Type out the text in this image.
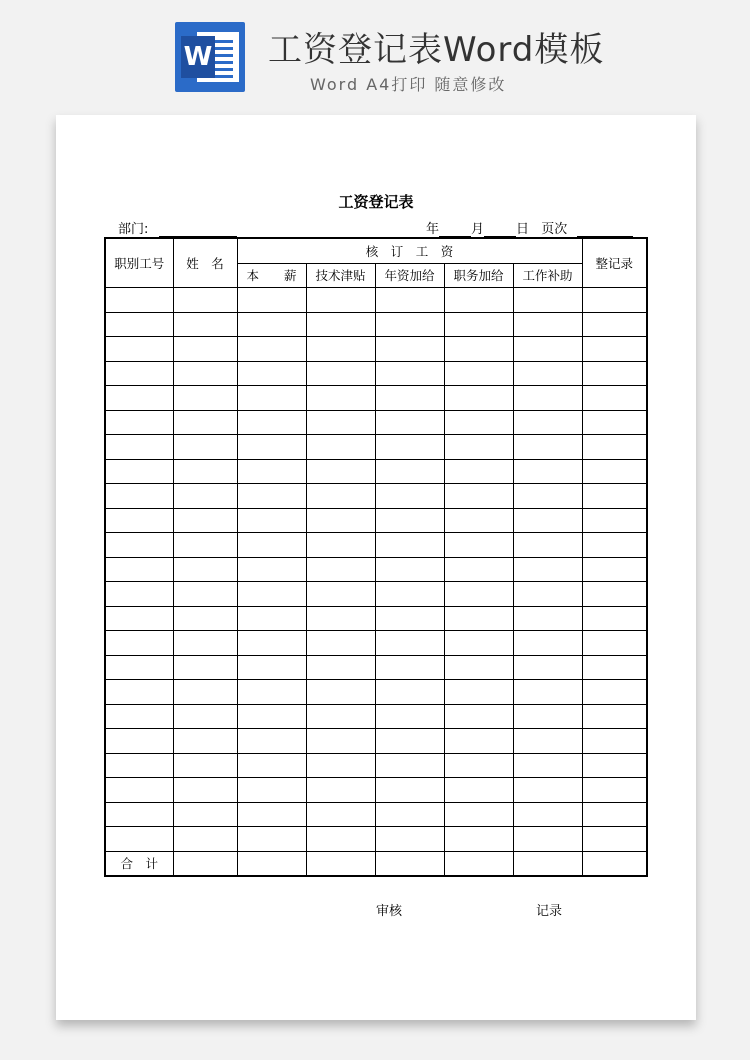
W 工资登记表Word模板
Word A4打印 随意修改
工资登记表
部门:	年 月 日 页次
职别工号	姓　名	核　订　工　资					整记录
		本　　薪	技术津贴	年资加给	职务加给	工作补助	

合　计							
审核	记录
